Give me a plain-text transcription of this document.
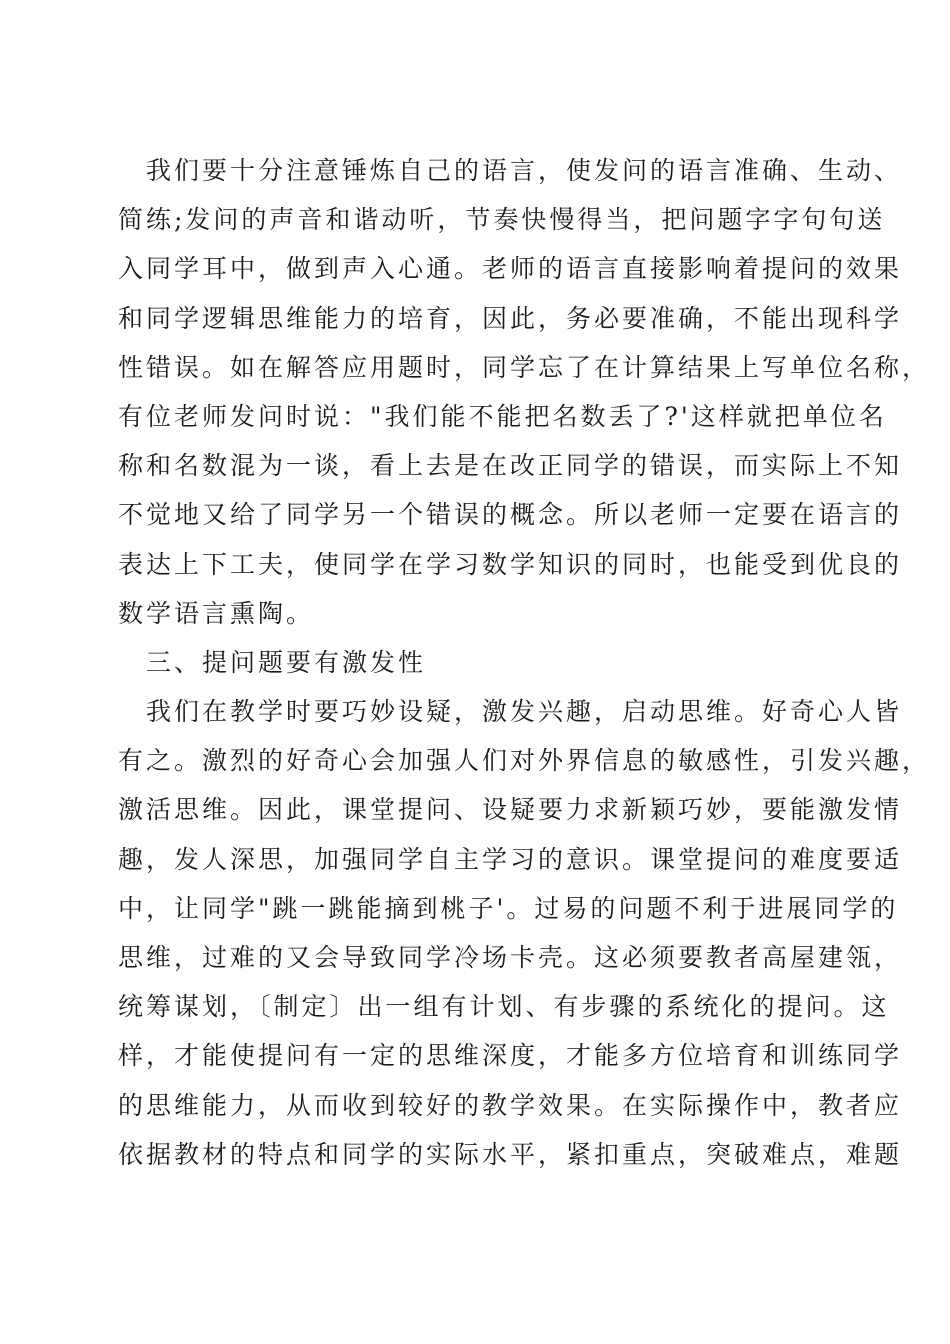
我们要十分注意锤炼自己的语言，使发问的语言准确、生动、
简练;发问的声音和谐动听，节奏快慢得当，把问题字字句句送
入同学耳中，做到声入心通。老师的语言直接影响着提问的效果
和同学逻辑思维能力的培育，因此，务必要准确，不能出现科学
性错误。如在解答应用题时，同学忘了在计算结果上写单位名称，
有位老师发问时说："我们能不能把名数丢了?'这样就把单位名
称和名数混为一谈，看上去是在改正同学的错误，而实际上不知
不觉地又给了同学另一个错误的概念。所以老师一定要在语言的
表达上下工夫，使同学在学习数学知识的同时，也能受到优良的
数学语言熏陶。
三、提问题要有激发性
我们在教学时要巧妙设疑，激发兴趣，启动思维。好奇心人皆
有之。激烈的好奇心会加强人们对外界信息的敏感性，引发兴趣，
激活思维。因此，课堂提问、设疑要力求新颖巧妙，要能激发情
趣，发人深思，加强同学自主学习的意识。课堂提问的难度要适
中，让同学"跳一跳能摘到桃子'。过易的问题不利于进展同学的
思维，过难的又会导致同学冷场卡壳。这必须要教者高屋建瓴，
统筹谋划，〔制定〕出一组有计划、有步骤的系统化的提问。这
样，才能使提问有一定的思维深度，才能多方位培育和训练同学
的思维能力，从而收到较好的教学效果。在实际操作中，教者应
依据教材的特点和同学的实际水平，紧扣重点，突破难点，难题
